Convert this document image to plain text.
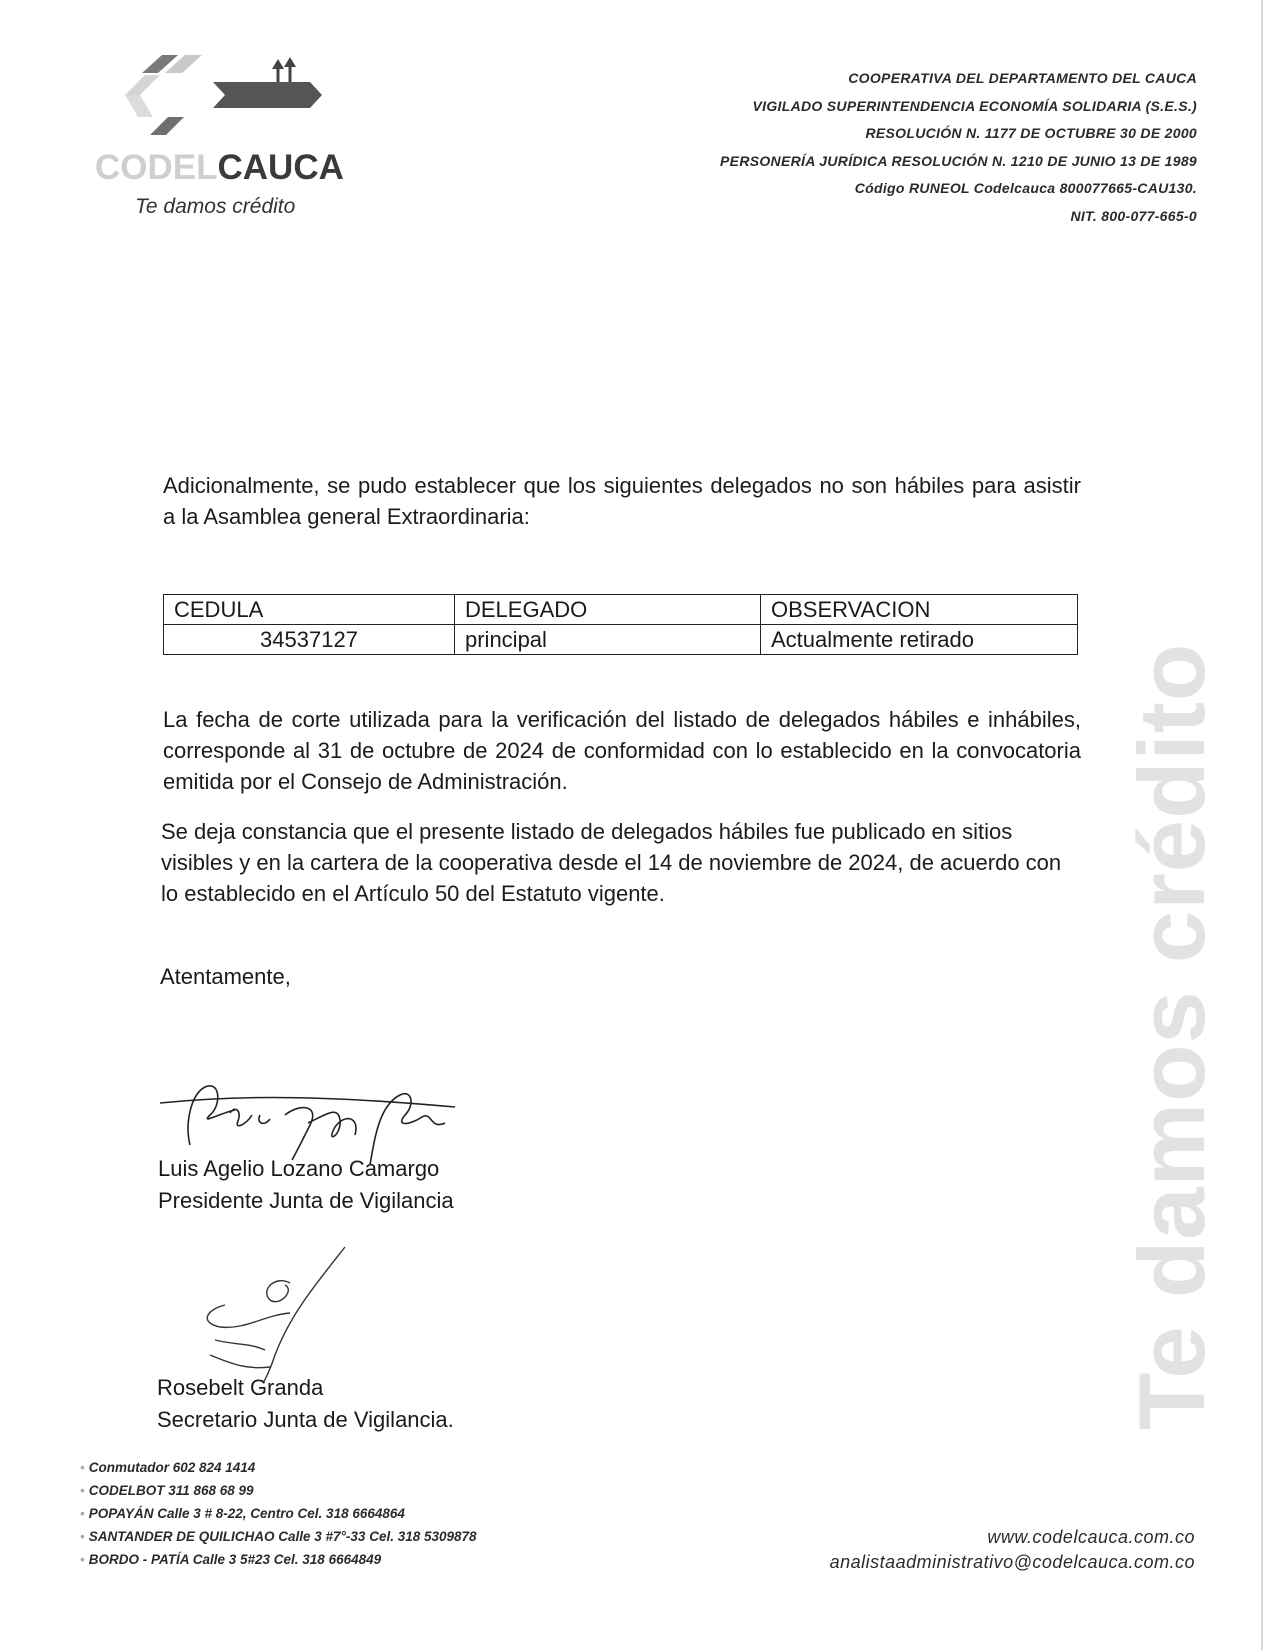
CODELCAUCA
Te damos crédito
COOPERATIVA DEL DEPARTAMENTO DEL CAUCA
VIGILADO SUPERINTENDENCIA ECONOMÍA SOLIDARIA (S.E.S.)
RESOLUCIÓN N. 1177 DE OCTUBRE 30 DE 2000
PERSONERÍA JURÍDICA RESOLUCIÓN N. 1210 DE JUNIO 13 DE 1989
Código RUNEOL Codelcauca 800077665-CAU130.
NIT. 800-077-665-0
Adicionalmente, se pudo establecer que los siguientes delegados no son hábiles para asistir a la Asamblea general Extraordinaria:
CEDULA	DELEGADO	OBSERVACION
34537127	principal	Actualmente retirado
La fecha de corte utilizada para la verificación del listado de delegados hábiles e inhábiles, corresponde al 31 de octubre de 2024 de conformidad con lo establecido en la convocatoria emitida por el Consejo de Administración.
Se deja constancia que el presente listado de delegados hábiles fue publicado en sitios visibles y en la cartera de la cooperativa desde el 14 de noviembre de 2024, de acuerdo con lo establecido en el Artículo 50 del Estatuto vigente.
Atentamente,
Luis Agelio Lozano Camargo
Presidente Junta de Vigilancia
Rosebelt Granda
Secretario Junta de Vigilancia.	Te damos crédito
• Conmutador 602 824 1414
• CODELBOT 311 868 68 99
• POPAYÁN Calle 3 # 8-22, Centro Cel. 318 6664864
• SANTANDER DE QUILICHAO Calle 3 #7°-33 Cel. 318 5309878
• BORDO - PATÍA Calle 3 5#23 Cel. 318 6664849
www.codelcauca.com.co
analistaadministrativo@codelcauca.com.co
